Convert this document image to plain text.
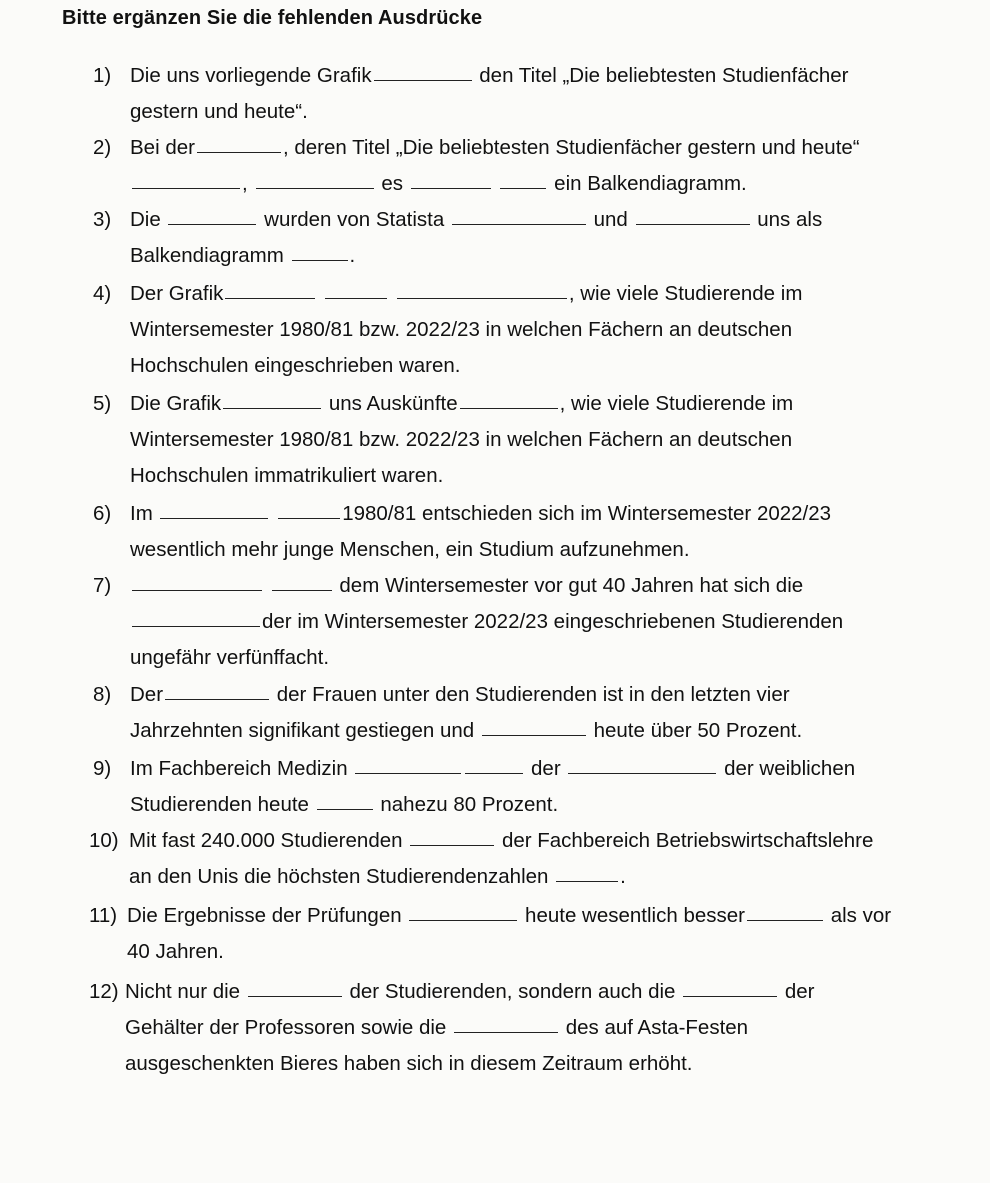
Bitte ergänzen Sie die fehlenden Ausdrücke
1) Die uns vorliegende Grafik	den Titel „Die beliebtesten Studienfächer
gestern und heute“.
2) Bei der	, deren Titel „Die beliebtesten Studienfächer gestern und heute“
,	es	ein Balkendiagramm.
3) Die	wurden von Statista	und	uns als
Balkendiagramm	.
4) Der Grafik	, wie viele Studierende im
Wintersemester 1980/81 bzw. 2022/23 in welchen Fächern an deutschen
Hochschulen eingeschrieben waren.
5) Die Grafik	uns Auskünfte	, wie viele Studierende im
Wintersemester 1980/81 bzw. 2022/23 in welchen Fächern an deutschen
Hochschulen immatrikuliert waren.
6) Im	1980/81 entschieden sich im Wintersemester 2022/23
wesentlich mehr junge Menschen, ein Studium aufzunehmen.
7)	dem Wintersemester vor gut 40 Jahren hat sich die
der im Wintersemester 2022/23 eingeschriebenen Studierenden
ungefähr verfünffacht.
8) Der	der Frauen unter den Studierenden ist in den letzten vier
Jahrzehnten signifikant gestiegen und	heute über 50 Prozent.
9) Im Fachbereich Medizin	der	der weiblichen
Studierenden heute	nahezu 80 Prozent.
10) Mit fast 240.000 Studierenden	der Fachbereich Betriebswirtschaftslehre
an den Unis die höchsten Studierendenzahlen	.
11) Die Ergebnisse der Prüfungen	heute wesentlich besser	als vor
40 Jahren.
12) Nicht nur die	der Studierenden, sondern auch die	der
Gehälter der Professoren sowie die	des auf Asta-Festen
ausgeschenkten Bieres haben sich in diesem Zeitraum erhöht.
